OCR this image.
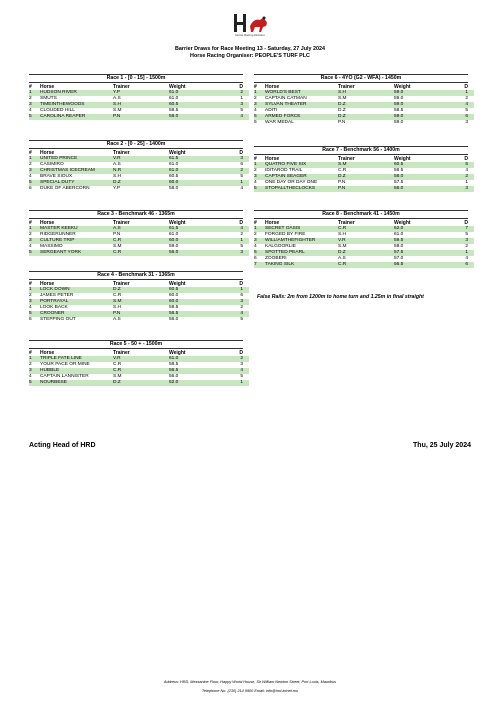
Horse Racing Division
Barrier Draws for Race Meeting 13 - Saturday, 27 July 2024
Horse Racing Organiser: PEOPLE'S TURF PLC
Race 1 - [0 - 15] - 1500m
#	Horse	Trainer	Weight	D
1	HUDSON RIVER	Y.P	61.0	2
2	SMUTS	A.S	61.0	1
3	TIMEINTHEWOODS	S.H	60.5	3
4	CLOUDED HILL	S.M	59.5	5
5	CAROLINA REAPER	P.N	58.0	4
Race 2 - [0 - 25] - 1400m
#	Horse	Trainer	Weight	D
1	UNITED PRINCE	V.R	61.5	3
2	CASIMIRO	A.S	61.0	6
3	CHRISTMAS ICECREAM	N.R	61.0	2
4	BRAVE SIOUX	S.H	60.5	5
5	SPECIAL DUTY	D.Z	60.0	1
6	DUKE OF ABERCORN	Y.P	58.0	4
Race 3 - Benchmark 46 - 1365m
#	Horse	Trainer	Weight	D
1	MASTER KEEKU	A.S	61.5	4
2	RIDGERUNNER	P.N	61.0	2
3	CULTURE TRIP	C.R	60.0	1
4	MASSIMO	S.M	59.0	5
5	SERGEANT YORK	C.R	56.0	3
Race 4 - Benchmark 31 - 1365m
#	Horse	Trainer	Weight	D
1	LOCK DOWN	D.Z	60.5	1
2	JAMES PETER	C.R	60.0	6
3	PORTRAYAL	S.M	60.0	3
4	LOOK BACK	S.H	59.5	2
5	CROONER	P.N	56.5	4
6	STEPPING OUT	A.S	56.0	5
Race 5 - 50 + - 1500m
#	Horse	Trainer	Weight	D
1	TRIPLE FATE LINE	V.R	61.0	2
2	YOUR PACE OR MINE	C.R	58.5	3
3	HUBBLE	C.R	56.5	4
4	CAPTAIN LANNISTER	S.M	56.0	5
5	NOURBESE	D.Z	52.0	1
Race 6 - 4YO (G2 - WFA) - 1450m
#	Horse	Trainer	Weight	D
1	WORLD'S BEST	S.H	59.0	1
2	CAPTAIN CATMAN	S.M	59.0	2
3	SYLVAN THEATER	D.Z	59.0	4
4	ADITI	D.Z	58.5	5
5	ARMED FORCE	D.Z	59.0	6
6	WAR MEDAL	P.N	59.0	3
Race 7 - Benchmark 56 - 1400m
#	Horse	Trainer	Weight	D
1	QUATRO FIVE SIX	S.M	60.5	5
2	IDITAROD TRAIL	C.R	58.5	4
3	CAPTAIN SEAGER	D.Z	58.0	2
4	ONE DAY OR DAY ONE	P.N	57.5	1
5	STOPALLTHECLOCKS	P.N	56.0	3
Race 8 - Benchmark 41 - 1450m
#	Horse	Trainer	Weight	D
1	SECRET OASIS	C.R	62.0	7
2	FORGED BY FIRE	S.H	61.0	5
3	WILLIAMTHEFIGHTER	V.R	59.5	3
4	KALGOORLIE	S.M	59.0	2
5	SPOTTED PEARL	D.Z	57.5	1
6	ZOOBERI	A.S	57.0	4
7	TAKING SILK	C.R	56.5	6
False Rails: 2m from 1200m to home turn and 1.25m in final straight
Acting Head of HRD	Thu, 25 July 2024
Address: HRD, Mezzanine Floor, Happy World House, Sir William Newton Street, Port Louis, Mauritius
Telephone No. (230) 214 9900 Email: info@hrd.intnet.mu
